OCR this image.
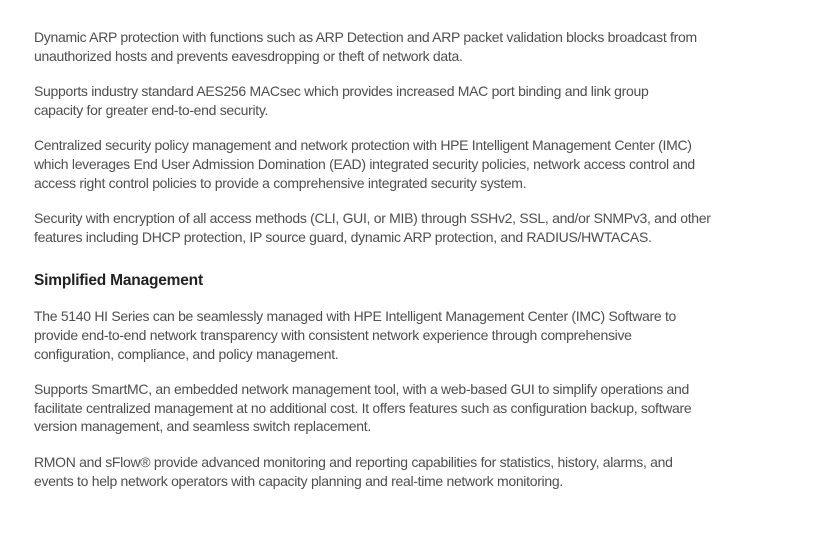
Dynamic ARP protection with functions such as ARP Detection and ARP packet validation blocks broadcast from
unauthorized hosts and prevents eavesdropping or theft of network data.

Supports industry standard AES256 MACsec which provides increased MAC port binding and link group
capacity for greater end-to-end security.

Centralized security policy management and network protection with HPE Intelligent Management Center (IMC)
which leverages End User Admission Domination (EAD) integrated security policies, network access control and
access right control policies to provide a comprehensive integrated security system.

Security with encryption of all access methods (CLI, GUI, or MIB) through SSHv2, SSL, and/or SNMPv3, and other
features including DHCP protection, IP source guard, dynamic ARP protection, and RADIUS/HWTACAS.

Simplified Management

The 5140 HI Series can be seamlessly managed with HPE Intelligent Management Center (IMC) Software to
provide end-to-end network transparency with consistent network experience through comprehensive
configuration, compliance, and policy management.

Supports SmartMC, an embedded network management tool, with a web-based GUI to simplify operations and
facilitate centralized management at no additional cost. It offers features such as configuration backup, software
version management, and seamless switch replacement.

RMON and sFlow® provide advanced monitoring and reporting capabilities for statistics, history, alarms, and
events to help network operators with capacity planning and real-time network monitoring.
